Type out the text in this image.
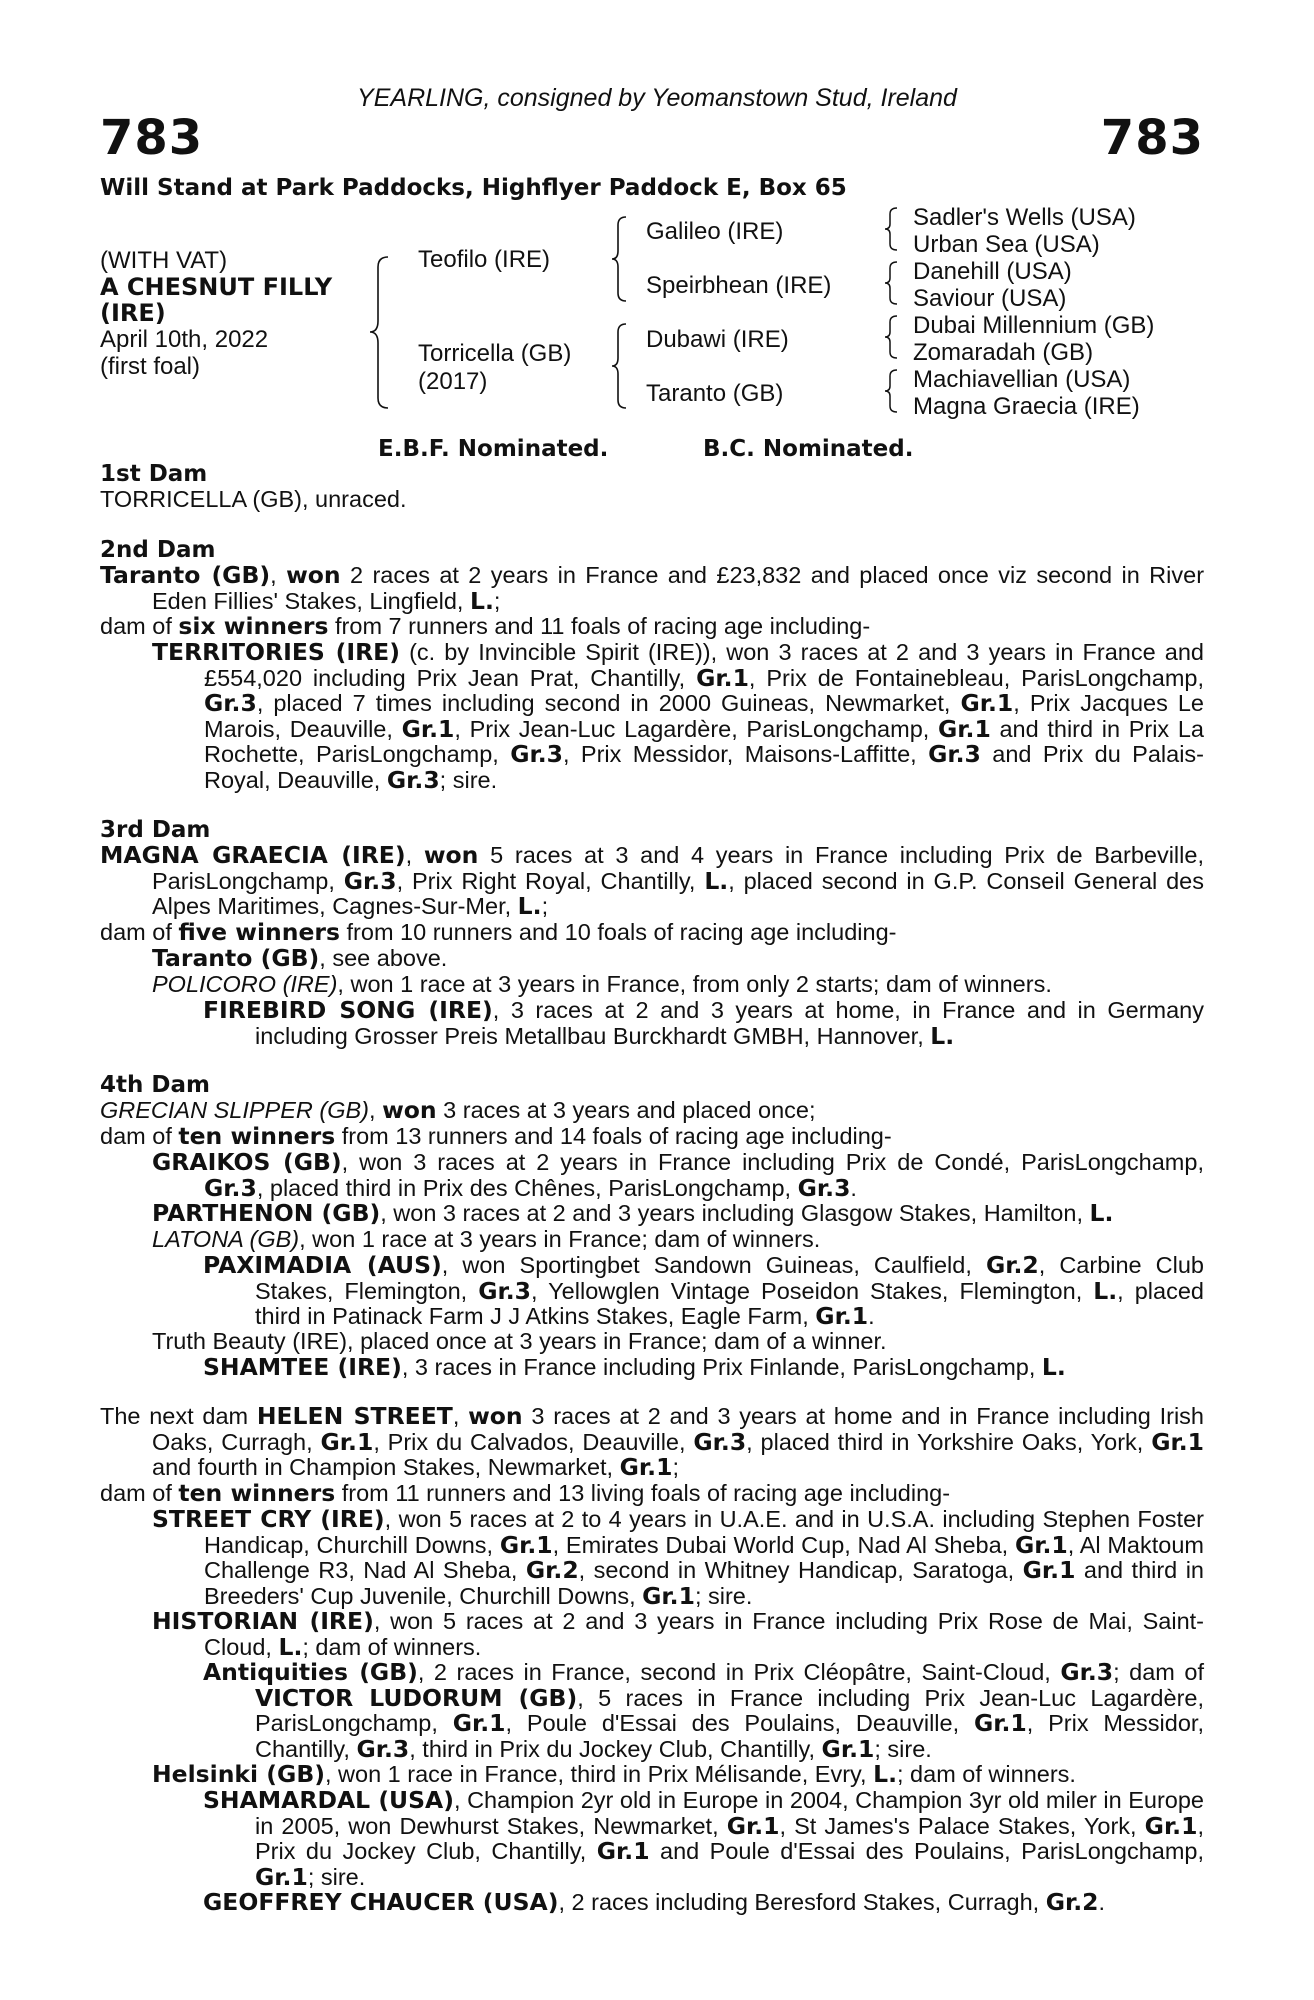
YEARLING, consigned by Yeomanstown Stud, Ireland
783	783
Will Stand at Park Paddocks, Highflyer Paddock E, Box 65
(WITH VAT)
A CHESNUT FILLY
(IRE)
April 10th, 2022
(first foal)
Teofilo (IRE)
Torricella (GB)
(2017)
Galileo (IRE)
Speirbhean (IRE)
Dubawi (IRE)
Taranto (GB)
Sadler's Wells (USA)
Urban Sea (USA)
Danehill (USA)
Saviour (USA)
Dubai Millennium (GB)
Zomaradah (GB)
Machiavellian (USA)
Magna Graecia (IRE)
E.B.F. Nominated.	B.C. Nominated.
1st Dam
TORRICELLA (GB), unraced.
2nd Dam
Taranto (GB), won 2 races at 2 years in France and £23,832 and placed once viz second in River Eden Fillies' Stakes, Lingfield, L.;
dam of six winners from 7 runners and 11 foals of racing age including-
TERRITORIES (IRE) (c. by Invincible Spirit (IRE)), won 3 races at 2 and 3 years in France and £554,020 including Prix Jean Prat, Chantilly, Gr.1, Prix de Fontainebleau, ParisLongchamp, Gr.3, placed 7 times including second in 2000 Guineas, Newmarket, Gr.1, Prix Jacques Le Marois, Deauville, Gr.1, Prix Jean-Luc Lagardère, ParisLongchamp, Gr.1 and third in Prix La Rochette, ParisLongchamp, Gr.3, Prix Messidor, Maisons-Laffitte, Gr.3 and Prix du Palais-Royal, Deauville, Gr.3; sire.
3rd Dam
MAGNA GRAECIA (IRE), won 5 races at 3 and 4 years in France including Prix de Barbeville, ParisLongchamp, Gr.3, Prix Right Royal, Chantilly, L., placed second in G.P. Conseil General des Alpes Maritimes, Cagnes-Sur-Mer, L.;
dam of five winners from 10 runners and 10 foals of racing age including-
Taranto (GB), see above.
POLICORO (IRE), won 1 race at 3 years in France, from only 2 starts; dam of winners.
FIREBIRD SONG (IRE), 3 races at 2 and 3 years at home, in France and in Germany including Grosser Preis Metallbau Burckhardt GMBH, Hannover, L.
4th Dam
GRECIAN SLIPPER (GB), won 3 races at 3 years and placed once;
dam of ten winners from 13 runners and 14 foals of racing age including-
GRAIKOS (GB), won 3 races at 2 years in France including Prix de Condé, ParisLongchamp, Gr.3, placed third in Prix des Chênes, ParisLongchamp, Gr.3.
PARTHENON (GB), won 3 races at 2 and 3 years including Glasgow Stakes, Hamilton, L.
LATONA (GB), won 1 race at 3 years in France; dam of winners.
PAXIMADIA (AUS), won Sportingbet Sandown Guineas, Caulfield, Gr.2, Carbine Club Stakes, Flemington, Gr.3, Yellowglen Vintage Poseidon Stakes, Flemington, L., placed third in Patinack Farm J J Atkins Stakes, Eagle Farm, Gr.1.
Truth Beauty (IRE), placed once at 3 years in France; dam of a winner.
SHAMTEE (IRE), 3 races in France including Prix Finlande, ParisLongchamp, L.
The next dam HELEN STREET, won 3 races at 2 and 3 years at home and in France including Irish Oaks, Curragh, Gr.1, Prix du Calvados, Deauville, Gr.3, placed third in Yorkshire Oaks, York, Gr.1 and fourth in Champion Stakes, Newmarket, Gr.1;
dam of ten winners from 11 runners and 13 living foals of racing age including-
STREET CRY (IRE), won 5 races at 2 to 4 years in U.A.E. and in U.S.A. including Stephen Foster Handicap, Churchill Downs, Gr.1, Emirates Dubai World Cup, Nad Al Sheba, Gr.1, Al Maktoum Challenge R3, Nad Al Sheba, Gr.2, second in Whitney Handicap, Saratoga, Gr.1 and third in Breeders' Cup Juvenile, Churchill Downs, Gr.1; sire.
HISTORIAN (IRE), won 5 races at 2 and 3 years in France including Prix Rose de Mai, Saint-Cloud, L.; dam of winners.
Antiquities (GB), 2 races in France, second in Prix Cléopâtre, Saint-Cloud, Gr.3; dam of VICTOR LUDORUM (GB), 5 races in France including Prix Jean-Luc Lagardère, ParisLongchamp, Gr.1, Poule d'Essai des Poulains, Deauville, Gr.1, Prix Messidor, Chantilly, Gr.3, third in Prix du Jockey Club, Chantilly, Gr.1; sire.
Helsinki (GB), won 1 race in France, third in Prix Mélisande, Evry, L.; dam of winners.
SHAMARDAL (USA), Champion 2yr old in Europe in 2004, Champion 3yr old miler in Europe in 2005, won Dewhurst Stakes, Newmarket, Gr.1, St James's Palace Stakes, York, Gr.1, Prix du Jockey Club, Chantilly, Gr.1 and Poule d'Essai des Poulains, ParisLongchamp, Gr.1; sire.
GEOFFREY CHAUCER (USA), 2 races including Beresford Stakes, Curragh, Gr.2.
